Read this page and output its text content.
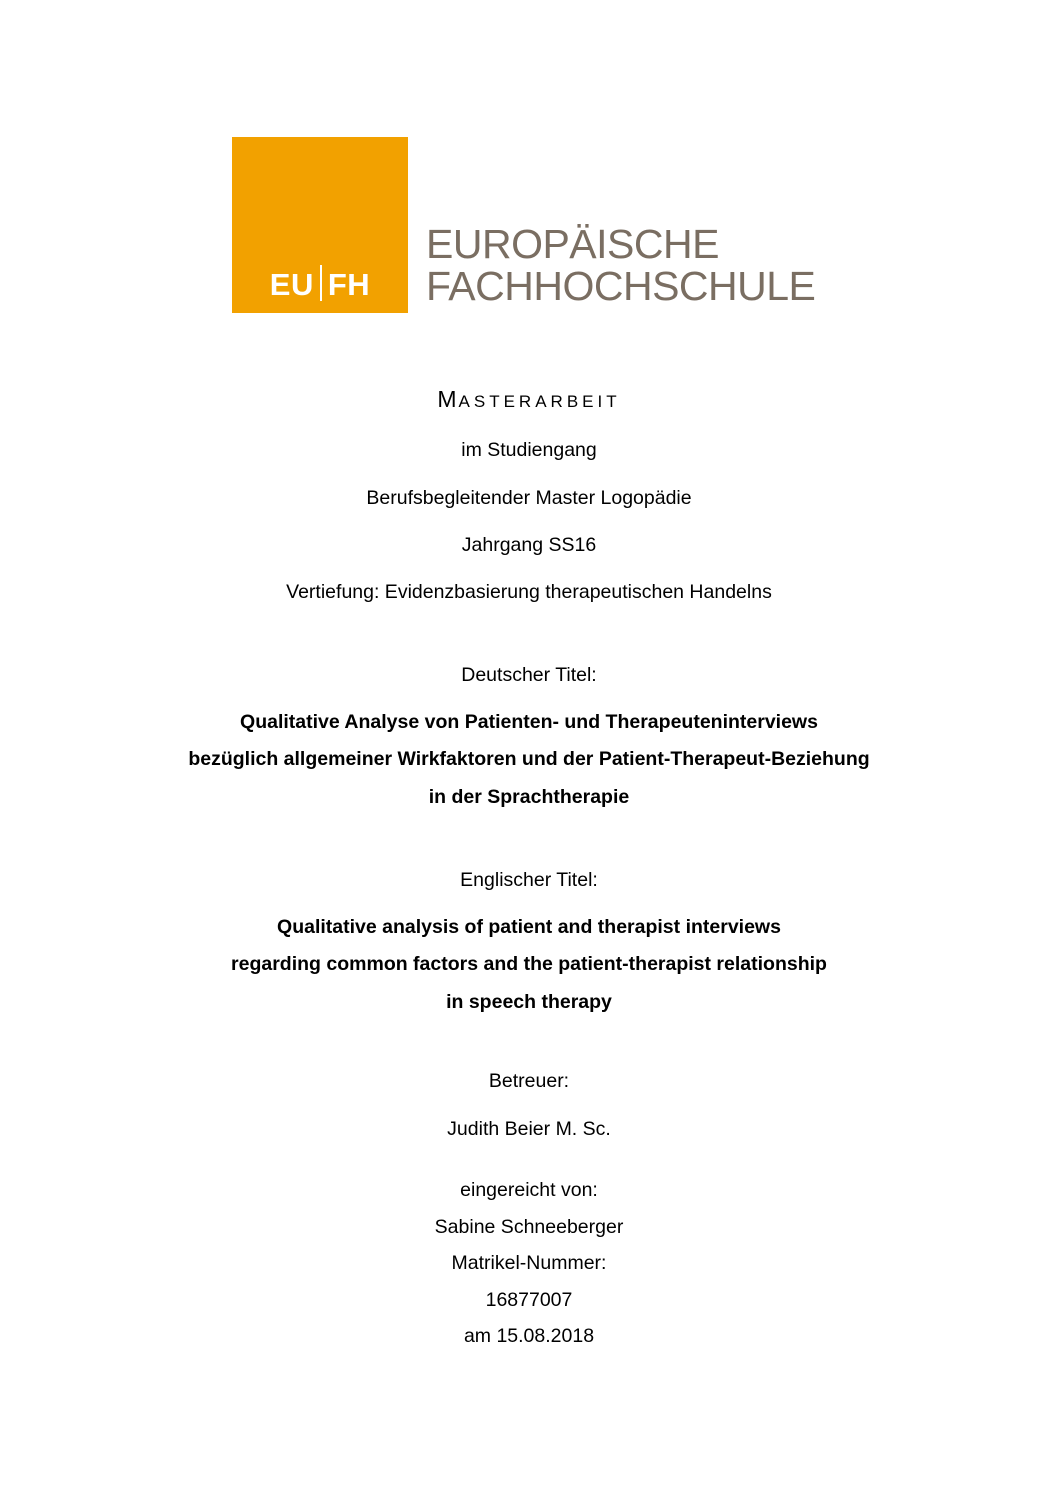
EU FH
EUROPÄISCHE
FACHHOCHSCHULE
MASTERARBEIT
im Studiengang
Berufsbegleitender Master Logopädie
Jahrgang SS16
Vertiefung: Evidenzbasierung therapeutischen Handelns
Deutscher Titel:
Qualitative Analyse von Patienten- und Therapeuteninterviews
bezüglich allgemeiner Wirkfaktoren und der Patient-Therapeut-Beziehung
in der Sprachtherapie
Englischer Titel:
Qualitative analysis of patient and therapist interviews
regarding common factors and the patient-therapist relationship
in speech therapy
Betreuer:
Judith Beier M. Sc.
eingereicht von:
Sabine Schneeberger
Matrikel-Nummer:
16877007
am 15.08.2018
